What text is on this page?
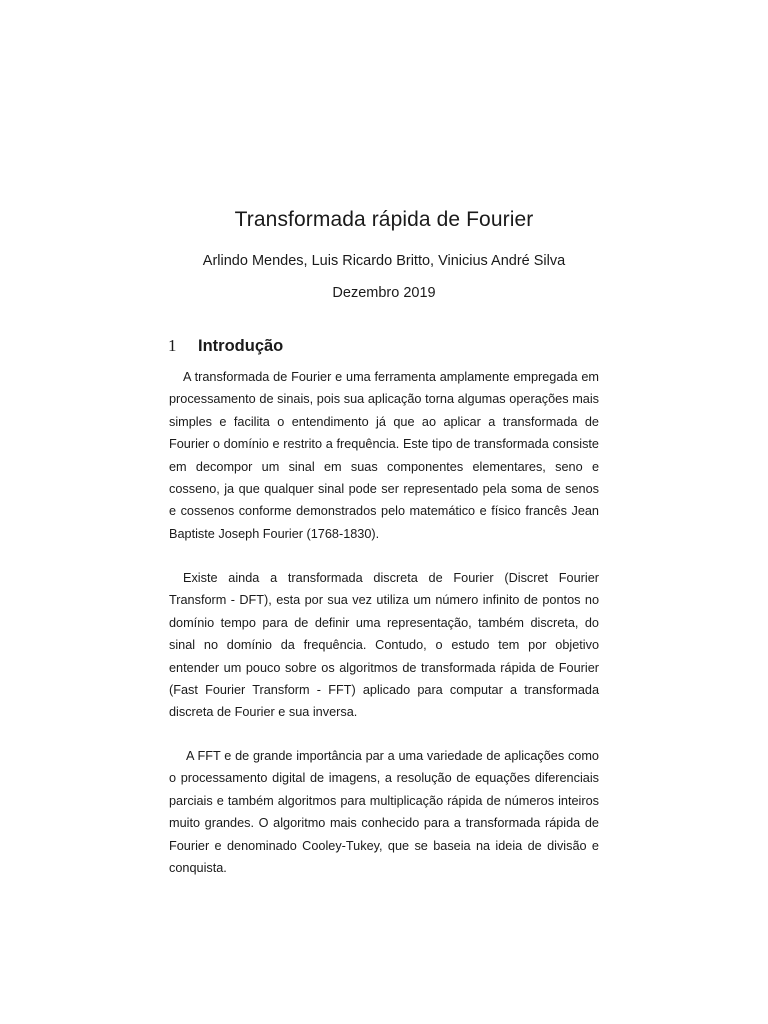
Transformada rápida de Fourier
Arlindo Mendes, Luis Ricardo Britto, Vinicius André Silva
Dezembro 2019
1 Introdução

A transformada de Fourier e uma ferramenta amplamente empregada em processamento de sinais, pois sua aplicação torna algumas operações mais simples e facilita o entendimento já que ao aplicar a transformada de Fourier o domínio e restrito a frequência. Este tipo de transformada consiste em decompor um sinal em suas componentes elementares, seno e cosseno, ja que qualquer sinal pode ser representado pela soma de senos e cossenos conforme demonstrados pelo matemático e físico francês Jean Baptiste Joseph Fourier (1768-1830).

Existe ainda a transformada discreta de Fourier (Discret Fourier Transform - DFT), esta por sua vez utiliza um número infinito de pontos no domínio tempo para de definir uma representação, também discreta, do sinal no domínio da frequência. Contudo, o estudo tem por objetivo entender um pouco sobre os algoritmos de transformada rápida de Fourier (Fast Fourier Transform - FFT) aplicado para computar a transformada discreta de Fourier e sua inversa.

A FFT e de grande importância par a uma variedade de aplicações como o processamento digital de imagens, a resolução de equações diferenciais parciais e também algoritmos para multiplicação rápida de números inteiros muito grandes. O algoritmo mais conhecido para a transformada rápida de Fourier e denominado Cooley-Tukey, que se baseia na ideia de divisão e conquista.
